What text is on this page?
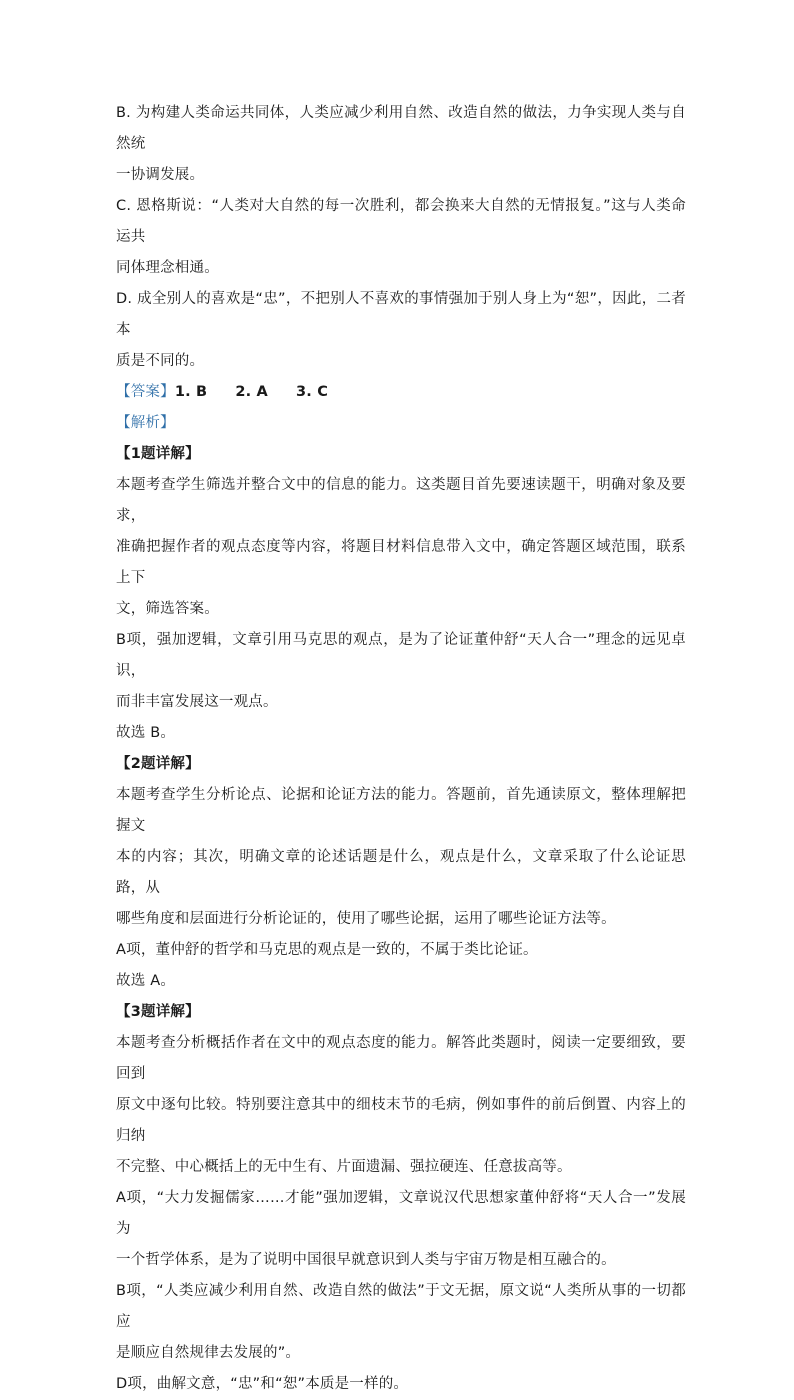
B. 为构建人类命运共同体，人类应减少利用自然、改造自然的做法，力争实现人类与自然统

一协调发展。

C. 恩格斯说：“人类对大自然的每一次胜利，都会换来大自然的无情报复。”这与人类命运共

同体理念相通。

D. 成全别人的喜欢是“忠”，不把别人不喜欢的事情强加于别人身上为“恕”，因此，二者本

质是不同的。

【答案】1. B 2. A 3. C

【解析】

【1题详解】

本题考查学生筛选并整合文中的信息的能力。这类题目首先要速读题干，明确对象及要求，

准确把握作者的观点态度等内容，将题目材料信息带入文中，确定答题区域范围，联系上下

文，筛选答案。

B项，强加逻辑，文章引用马克思的观点，是为了论证董仲舒“天人合一”理念的远见卓识，

而非丰富发展这一观点。

故选 B。

【2题详解】

本题考查学生分析论点、论据和论证方法的能力。答题前，首先通读原文，整体理解把握文

本的内容；其次，明确文章的论述话题是什么，观点是什么，文章采取了什么论证思路，从

哪些角度和层面进行分析论证的，使用了哪些论据，运用了哪些论证方法等。

A项，董仲舒的哲学和马克思的观点是一致的，不属于类比论证。

故选 A。

【3题详解】

本题考查分析概括作者在文中的观点态度的能力。解答此类题时，阅读一定要细致，要回到

原文中逐句比较。特别要注意其中的细枝末节的毛病，例如事件的前后倒置、内容上的归纳

不完整、中心概括上的无中生有、片面遗漏、强拉硬连、任意拔高等。

A项，“大力发掘儒家……才能”强加逻辑，文章说汉代思想家董仲舒将“天人合一”发展为

一个哲学体系，是为了说明中国很早就意识到人类与宇宙万物是相互融合的。

B项，“人类应减少利用自然、改造自然的做法”于文无据，原文说“人类所从事的一切都应

是顺应自然规律去发展的”。

D项，曲解文意，“忠”和“恕”本质是一样的。
